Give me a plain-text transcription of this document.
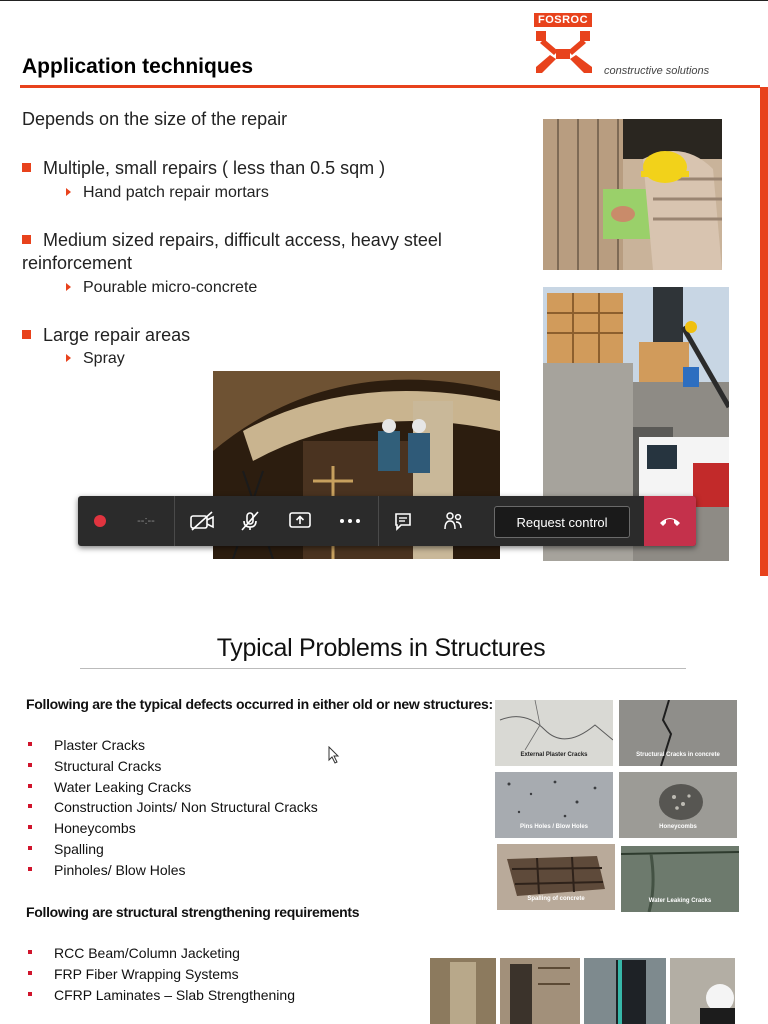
Application techniques
FOSROC
constructive solutions
Depends on the size of the repair
Multiple, small repairs ( less than 0.5 sqm )
Hand patch repair mortars
Medium sized repairs, difficult access, heavy steel
reinforcement
Pourable micro-concrete
Large repair areas
Spray
--:--	Request control
Typical Problems in Structures
Following are the typical defects occurred in either old or new structures:
Plaster Cracks
Structural Cracks
Water Leaking Cracks
Construction Joints/ Non Structural Cracks
Honeycombs
Spalling
Pinholes/ Blow Holes
Following are structural strengthening requirements
RCC Beam/Column Jacketing
FRP Fiber Wrapping Systems
CFRP Laminates – Slab Strengthening
External Plaster Cracks	Structural Cracks in concrete
Pins Holes / Blow Holes	Honeycombs
Spalling of concrete	Water Leaking Cracks
